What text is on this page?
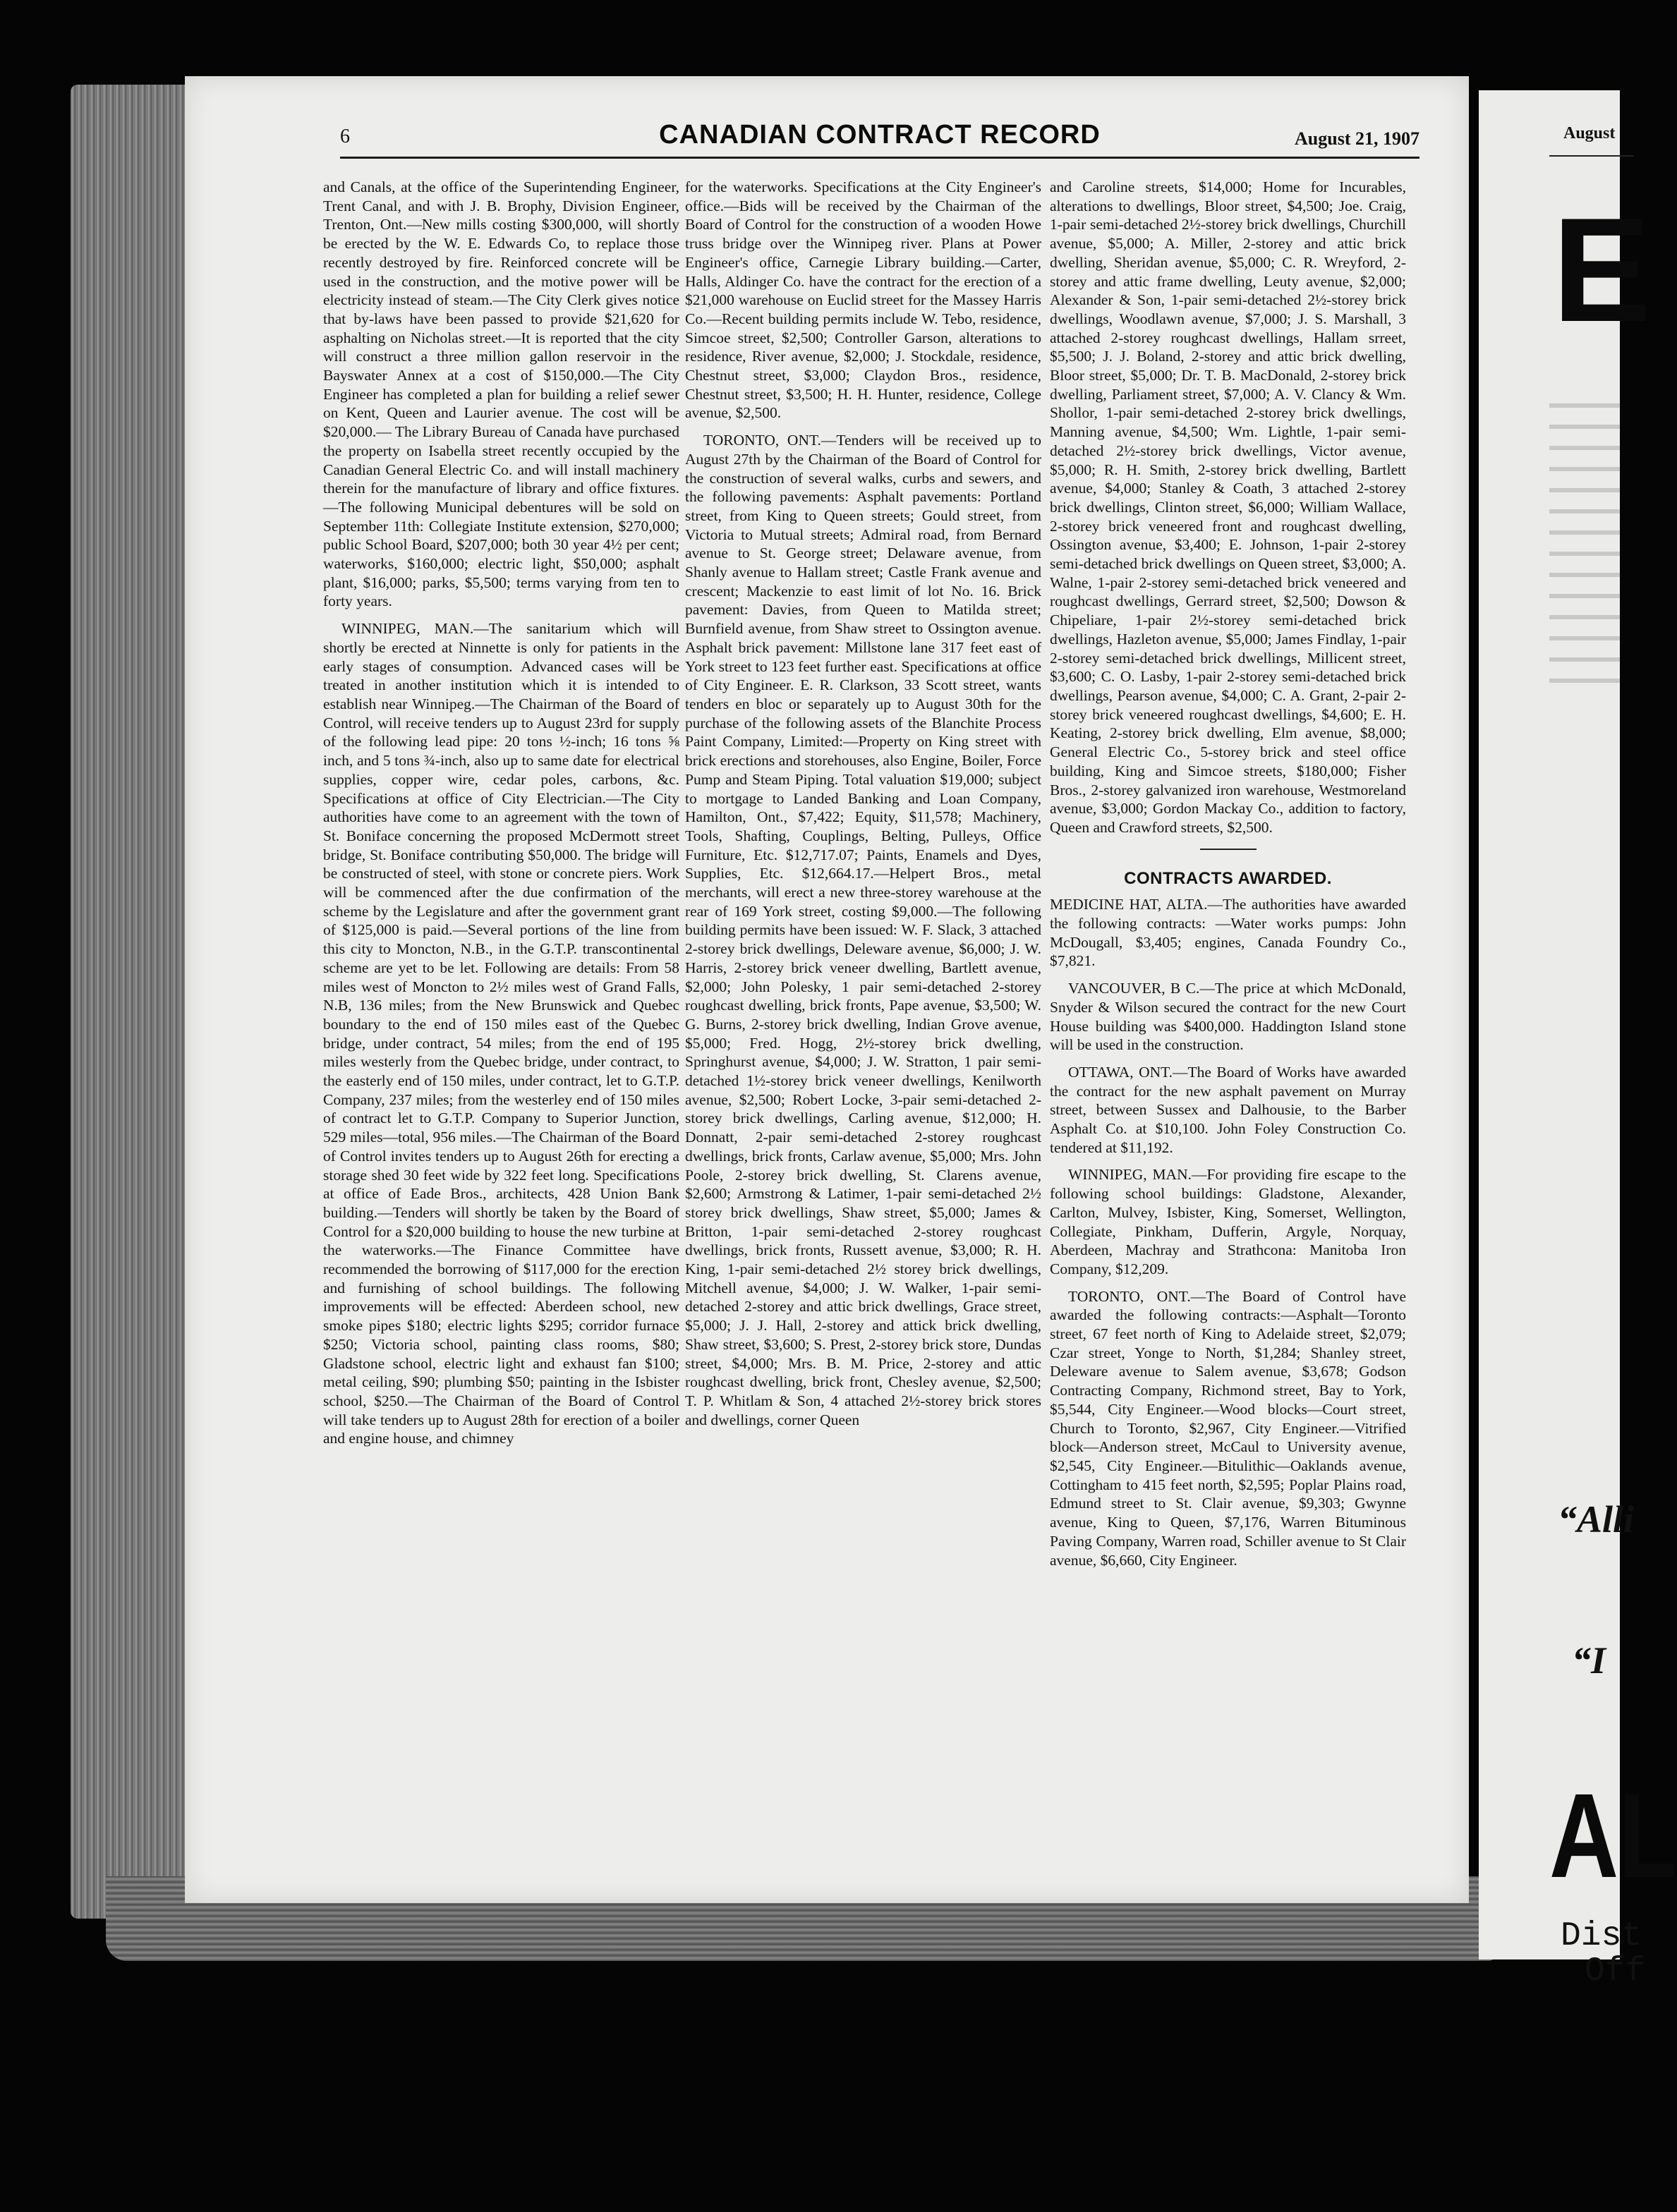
August
E
“Alli
“I
AL
Dist
Off
6	CANADIAN CONTRACT RECORD	August 21, 1907

and Canals, at the office of the Superintending Engineer, Trent Canal, and with J. B. Brophy, Division Engineer, Trenton, Ont.—New mills costing $300,000, will shortly be erected by the W. E. Edwards Co, to replace those recently destroyed by fire. Reinforced concrete will be used in the construction, and the motive power will be electricity instead of steam.—The City Clerk gives notice that by-laws have been passed to provide $21,620 for asphalting on Nicholas street.—It is reported that the city will construct a three million gallon reservoir in the Bayswater Annex at a cost of $150,000.—The City Engineer has completed a plan for building a relief sewer on Kent, Queen and Laurier avenue. The cost will be $20,000.— The Library Bureau of Canada have purchased the property on Isabella street recently occupied by the Canadian General Electric Co. and will install machinery therein for the manufacture of library and office fixtures.—The following Municipal debentures will be sold on September 11th: Collegiate Institute extension, $270,000; public School Board, $207,000; both 30 year 4½ per cent; waterworks, $160,000; electric light, $50,000; asphalt plant, $16,000; parks, $5,500; terms varying from ten to forty years.

WINNIPEG, MAN.—The sanitarium which will shortly be erected at Ninnette is only for patients in the early stages of consumption. Advanced cases will be treated in another institution which it is intended to establish near Winnipeg.—The Chairman of the Board of Control, will receive tenders up to August 23rd for supply of the following lead pipe: 20 tons ½-inch; 16 tons ⅝ inch, and 5 tons ¾-inch, also up to same date for electrical supplies, copper wire, cedar poles, carbons, &c. Specifications at office of City Electrician.—The City authorities have come to an agreement with the town of St. Boniface concerning the proposed McDermott street bridge, St. Boniface contributing $50,000. The bridge will be constructed of steel, with stone or concrete piers. Work will be commenced after the due confirmation of the scheme by the Legislature and after the government grant of $125,000 is paid.—Several portions of the line from this city to Moncton, N.B., in the G.T.P. transcontinental scheme are yet to be let. Following are details: From 58 miles west of Moncton to 2½ miles west of Grand Falls, N.B, 136 miles; from the New Brunswick and Quebec boundary to the end of 150 miles east of the Quebec bridge, under contract, 54 miles; from the end of 195 miles westerly from the Quebec bridge, under contract, to the easterly end of 150 miles, under contract, let to G.T.P. Company, 237 miles; from the westerley end of 150 miles of contract let to G.T.P. Company to Superior Junction, 529 miles—total, 956 miles.—The Chairman of the Board of Control invites tenders up to August 26th for erecting a storage shed 30 feet wide by 322 feet long. Specifications at office of Eade Bros., architects, 428 Union Bank building.—Tenders will shortly be taken by the Board of Control for a $20,000 building to house the new turbine at the waterworks.—The Finance Committee have recommended the borrowing of $117,000 for the erection and furnishing of school buildings. The following improvements will be effected: Aberdeen school, new smoke pipes $180; electric lights $295; corridor furnace $250; Victoria school, painting class rooms, $80; Gladstone school, electric light and exhaust fan $100; metal ceiling, $90; plumbing $50; painting in the Isbister school, $250.—The Chairman of the Board of Control will take tenders up to August 28th for erection of a boiler and engine house, and chimney

for the waterworks. Specifications at the City Engineer's office.—Bids will be received by the Chairman of the Board of Control for the construction of a wooden Howe truss bridge over the Winnipeg river. Plans at Power Engineer's office, Carnegie Library building.—Carter, Halls, Aldinger Co. have the contract for the erection of a $21,000 warehouse on Euclid street for the Massey Harris Co.—Recent building permits include W. Tebo, residence, Simcoe street, $2,500; Controller Garson, alterations to residence, River avenue, $2,000; J. Stockdale, residence, Chestnut street, $3,000; Claydon Bros., residence, Chestnut street, $3,500; H. H. Hunter, residence, College avenue, $2,500.

TORONTO, ONT.—Tenders will be received up to August 27th by the Chairman of the Board of Control for the construction of several walks, curbs and sewers, and the following pavements: Asphalt pavements: Portland street, from King to Queen streets; Gould street, from Victoria to Mutual streets; Admiral road, from Bernard avenue to St. George street; Delaware avenue, from Shanly avenue to Hallam street; Castle Frank avenue and crescent; Mackenzie to east limit of lot No. 16. Brick pavement: Davies, from Queen to Matilda street; Burnfield avenue, from Shaw street to Ossington avenue. Asphalt brick pavement: Millstone lane 317 feet east of York street to 123 feet further east. Specifications at office of City Engineer. E. R. Clarkson, 33 Scott street, wants tenders en bloc or separately up to August 30th for the purchase of the following assets of the Blanchite Process Paint Company, Limited:—Property on King street with brick erections and storehouses, also Engine, Boiler, Force Pump and Steam Piping. Total valuation $19,000; subject to mortgage to Landed Banking and Loan Company, Hamilton, Ont., $7,422; Equity, $11,578; Machinery, Tools, Shafting, Couplings, Belting, Pulleys, Office Furniture, Etc. $12,717.07; Paints, Enamels and Dyes, Supplies, Etc. $12,664.17.—Helpert Bros., metal merchants, will erect a new three-storey warehouse at the rear of 169 York street, costing $9,000.—The following building permits have been issued: W. F. Slack, 3 attached 2-storey brick dwellings, Deleware avenue, $6,000; J. W. Harris, 2-storey brick veneer dwelling, Bartlett avenue, $2,000; John Polesky, 1 pair semi-detached 2-storey roughcast dwelling, brick fronts, Pape avenue, $3,500; W. G. Burns, 2-storey brick dwelling, Indian Grove avenue, $5,000; Fred. Hogg, 2½-storey brick dwelling, Springhurst avenue, $4,000; J. W. Stratton, 1 pair semi-detached 1½-storey brick veneer dwellings, Kenilworth avenue, $2,500; Robert Locke, 3-pair semi-detached 2-storey brick dwellings, Carling avenue, $12,000; H. Donnatt, 2-pair semi-detached 2-storey roughcast dwellings, brick fronts, Carlaw avenue, $5,000; Mrs. John Poole, 2-storey brick dwelling, St. Clarens avenue, $2,600; Armstrong & Latimer, 1-pair semi-detached 2½ storey brick dwellings, Shaw street, $5,000; James & Britton, 1-pair semi-detached 2-storey roughcast dwellings, brick fronts, Russett avenue, $3,000; R. H. King, 1-pair semi-detached 2½ storey brick dwellings, Mitchell avenue, $4,000; J. W. Walker, 1-pair semi-detached 2-storey and attic brick dwellings, Grace street, $5,000; J. J. Hall, 2-storey and attick brick dwelling, Shaw street, $3,600; S. Prest, 2-storey brick store, Dundas street, $4,000; Mrs. B. M. Price, 2-storey and attic roughcast dwelling, brick front, Chesley avenue, $2,500; T. P. Whitlam & Son, 4 attached 2½-storey brick stores and dwellings, corner Queen

and Caroline streets, $14,000; Home for Incurables, alterations to dwellings, Bloor street, $4,500; Joe. Craig, 1-pair semi-detached 2½-storey brick dwellings, Churchill avenue, $5,000; A. Miller, 2-storey and attic brick dwelling, Sheridan avenue, $5,000; C. R. Wreyford, 2-storey and attic frame dwelling, Leuty avenue, $2,000; Alexander & Son, 1-pair semi-detached 2½-storey brick dwellings, Woodlawn avenue, $7,000; J. S. Marshall, 3 attached 2-storey roughcast dwellings, Hallam srreet, $5,500; J. J. Boland, 2-storey and attic brick dwelling, Bloor street, $5,000; Dr. T. B. MacDonald, 2-storey brick dwelling, Parliament street, $7,000; A. V. Clancy & Wm. Shollor, 1-pair semi-detached 2-storey brick dwellings, Manning avenue, $4,500; Wm. Lightle, 1-pair semi-detached 2½-storey brick dwellings, Victor avenue, $5,000; R. H. Smith, 2-storey brick dwelling, Bartlett avenue, $4,000; Stanley & Coath, 3 attached 2-storey brick dwellings, Clinton street, $6,000; William Wallace, 2-storey brick veneered front and roughcast dwelling, Ossington avenue, $3,400; E. Johnson, 1-pair 2-storey semi-detached brick dwellings on Queen street, $3,000; A. Walne, 1-pair 2-storey semi-detached brick veneered and roughcast dwellings, Gerrard street, $2,500; Dowson & Chipeliare, 1-pair 2½-storey semi-detached brick dwellings, Hazleton avenue, $5,000; James Findlay, 1-pair 2-storey semi-detached brick dwellings, Millicent street, $3,600; C. O. Lasby, 1-pair 2-storey semi-detached brick dwellings, Pearson avenue, $4,000; C. A. Grant, 2-pair 2-storey brick veneered roughcast dwellings, $4,600; E. H. Keating, 2-storey brick dwelling, Elm avenue, $8,000; General Electric Co., 5-storey brick and steel office building, King and Simcoe streets, $180,000; Fisher Bros., 2-storey galvanized iron warehouse, Westmoreland avenue, $3,000; Gordon Mackay Co., addition to factory, Queen and Crawford streets, $2,500.

CONTRACTS AWARDED.

MEDICINE HAT, ALTA.—The authorities have awarded the following contracts: —Water works pumps: John McDougall, $3,405; engines, Canada Foundry Co., $7,821.

VANCOUVER, B C.—The price at which McDonald, Snyder & Wilson secured the contract for the new Court House building was $400,000. Haddington Island stone will be used in the construction.

OTTAWA, ONT.—The Board of Works have awarded the contract for the new asphalt pavement on Murray street, between Sussex and Dalhousie, to the Barber Asphalt Co. at $10,100. John Foley Construction Co. tendered at $11,192.

WINNIPEG, MAN.—For providing fire escape to the following school buildings: Gladstone, Alexander, Carlton, Mulvey, Isbister, King, Somerset, Wellington, Collegiate, Pinkham, Dufferin, Argyle, Norquay, Aberdeen, Machray and Strathcona: Manitoba Iron Company, $12,209.

TORONTO, ONT.—The Board of Control have awarded the following contracts:—Asphalt—Toronto street, 67 feet north of King to Adelaide street, $2,079; Czar street, Yonge to North, $1,284; Shanley street, Deleware avenue to Salem avenue, $3,678; Godson Contracting Company, Richmond street, Bay to York, $5,544, City Engineer.—Wood blocks—Court street, Church to Toronto, $2,967, City Engineer.—Vitrified block—Anderson street, McCaul to University avenue, $2,545, City Engineer.—Bitulithic—Oaklands avenue, Cottingham to 415 feet north, $2,595; Poplar Plains road, Edmund street to St. Clair avenue, $9,303; Gwynne avenue, King to Queen, $7,176, Warren Bituminous Paving Company, Warren road, Schiller avenue to St Clair avenue, $6,660, City Engineer.
